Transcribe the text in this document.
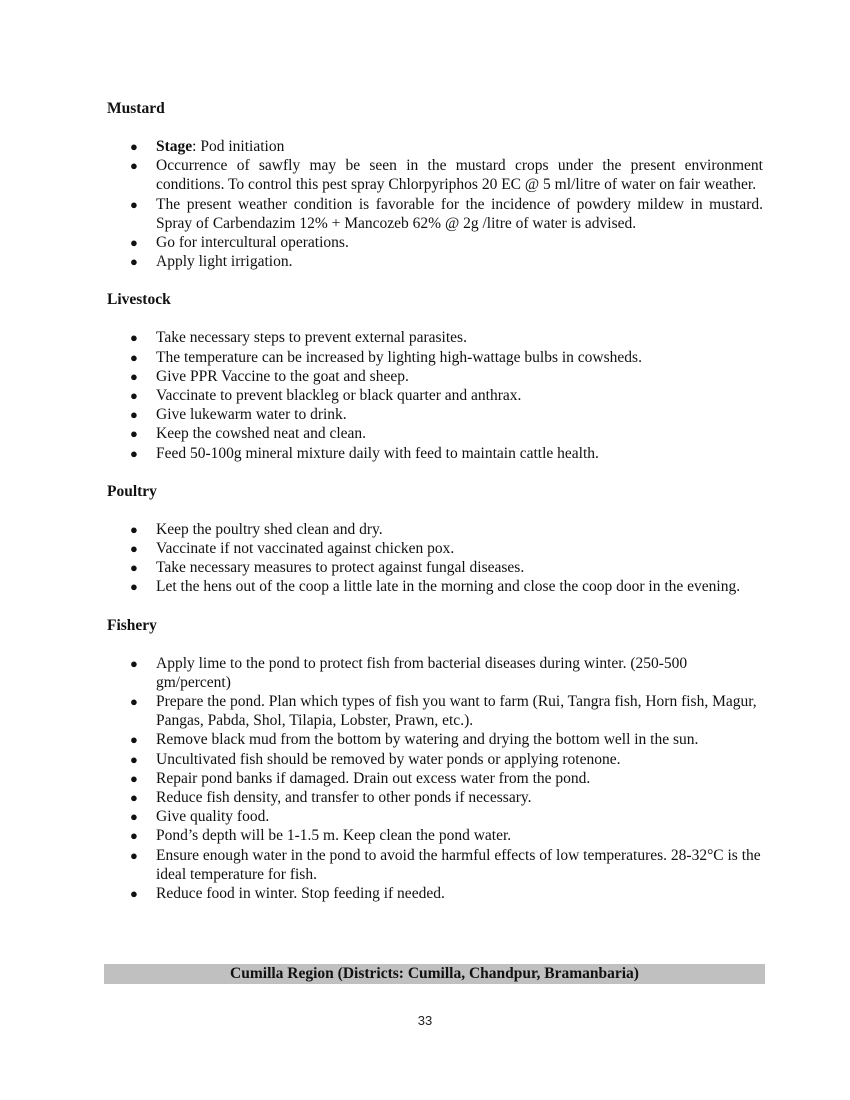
Mustard
● Stage: Pod initiation
● Occurrence of sawfly may be seen in the mustard crops under the present environment conditions. To control this pest spray Chlorpyriphos 20 EC @ 5 ml/litre of water on fair weather.
● The present weather condition is favorable for the incidence of powdery mildew in mustard. Spray of Carbendazim 12% + Mancozeb 62% @ 2g /litre of water is advised.
● Go for intercultural operations.
● Apply light irrigation.
Livestock
● Take necessary steps to prevent external parasites.
● The temperature can be increased by lighting high-wattage bulbs in cowsheds.
● Give PPR Vaccine to the goat and sheep.
● Vaccinate to prevent blackleg or black quarter and anthrax.
● Give lukewarm water to drink.
● Keep the cowshed neat and clean.
● Feed 50-100g mineral mixture daily with feed to maintain cattle health.
Poultry
● Keep the poultry shed clean and dry.
● Vaccinate if not vaccinated against chicken pox.
● Take necessary measures to protect against fungal diseases.
● Let the hens out of the coop a little late in the morning and close the coop door in the evening.
Fishery
● Apply lime to the pond to protect fish from bacterial diseases during winter. (250-500 gm/percent)
● Prepare the pond. Plan which types of fish you want to farm (Rui, Tangra fish, Horn fish, Magur, Pangas, Pabda, Shol, Tilapia, Lobster, Prawn, etc.).
● Remove black mud from the bottom by watering and drying the bottom well in the sun.
● Uncultivated fish should be removed by water ponds or applying rotenone.
● Repair pond banks if damaged. Drain out excess water from the pond.
● Reduce fish density, and transfer to other ponds if necessary.
● Give quality food.
● Pond’s depth will be 1-1.5 m. Keep clean the pond water.
● Ensure enough water in the pond to avoid the harmful effects of low temperatures. 28-32°C is the ideal temperature for fish.
● Reduce food in winter. Stop feeding if needed.
Cumilla Region (Districts: Cumilla, Chandpur, Bramanbaria)
33
